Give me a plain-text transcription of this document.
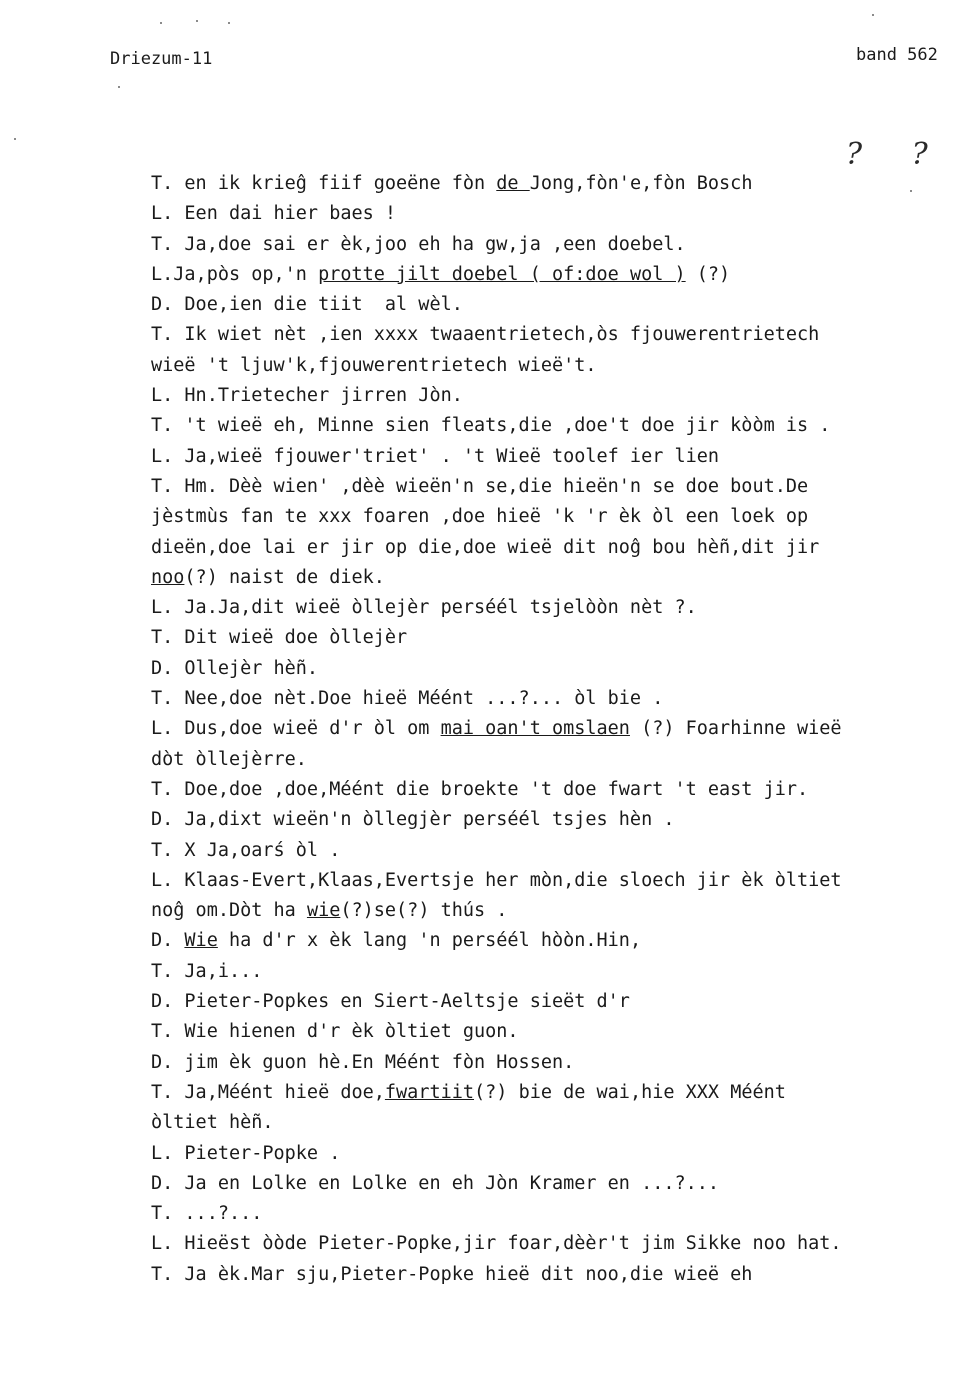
Driezum-11	band 562
? ?
T. en ik krieĝ fiif goeëne fòn de Jong,fòn'e,fòn Bosch
L. Een dai hier baes !
T. Ja,doe sai er èk,joo eh ha gw,ja ,een doebel.
L.Ja,pòs op,'n protte jilt doebel ( of:doe wol ) (?)
D. Doe,ien die tiit  al wèl.
T. Ik wiet nèt ,ien xxxx twaaentrietech,òs fjouwerentrietech
wieë 't ljuw'k,fjouwerentrietech wieë't.
L. Hn.Trietecher jirren Jòn.
T. 't wieë eh, Minne sien fleats,die ,doe't doe jir kòòm is .
L. Ja,wieë fjouwer'triet' . 't Wieë toolef ier lien
T. Hm. Dèè wien' ,dèè wieën'n se,die hieën'n se doe bout.De
jèstmùs fan te xxx foaren ,doe hieë 'k 'r èk òl een loek op
dieën,doe lai er jir op die,doe wieë dit noĝ bou hèñ,dit jir
noo(?) naist de diek.
L. Ja.Ja,dit wieë òllejèr perséél tsjelòòn nèt ?.
T. Dit wieë doe òllejèr
D. Ollejèr hèñ.
T. Nee,doe nèt.Doe hieë Méént ...?... òl bie .
L. Dus,doe wieë d'r òl om mai oan't omslaen (?) Foarhinne wieë
dòt òllejèrre.
T. Doe,doe ,doe,Méént die broekte 't doe fwart 't east jir.
D. Ja,dixt wieën'n òllegjèr perséél tsjes hèn .
T. X Ja,oarś òl .
L. Klaas-Evert,Klaas,Evertsje her mòn,die sloech jir èk òltiet
noĝ om.Dòt ha wie(?)se(?) thús .
D. Wie ha d'r x èk lang 'n perséél hòòn.Hin,
T. Ja,i...
D. Pieter-Popkes en Siert-Aeltsje sieët d'r
T. Wie hienen d'r èk òltiet guon.
D. jim èk guon hè.En Méént fòn Hossen.
T. Ja,Méént hieë doe,fwartiit(?) bie de wai,hie XXX Méént
òltiet hèñ.
L. Pieter-Popke .
D. Ja en Lolke en Lolke en eh Jòn Kramer en ...?...
T. ...?...
L. Hieëst òòde Pieter-Popke,jir foar,dèèr't jim Sikke noo hat.
T. Ja èk.Mar sju,Pieter-Popke hieë dit noo,die wieë eh
